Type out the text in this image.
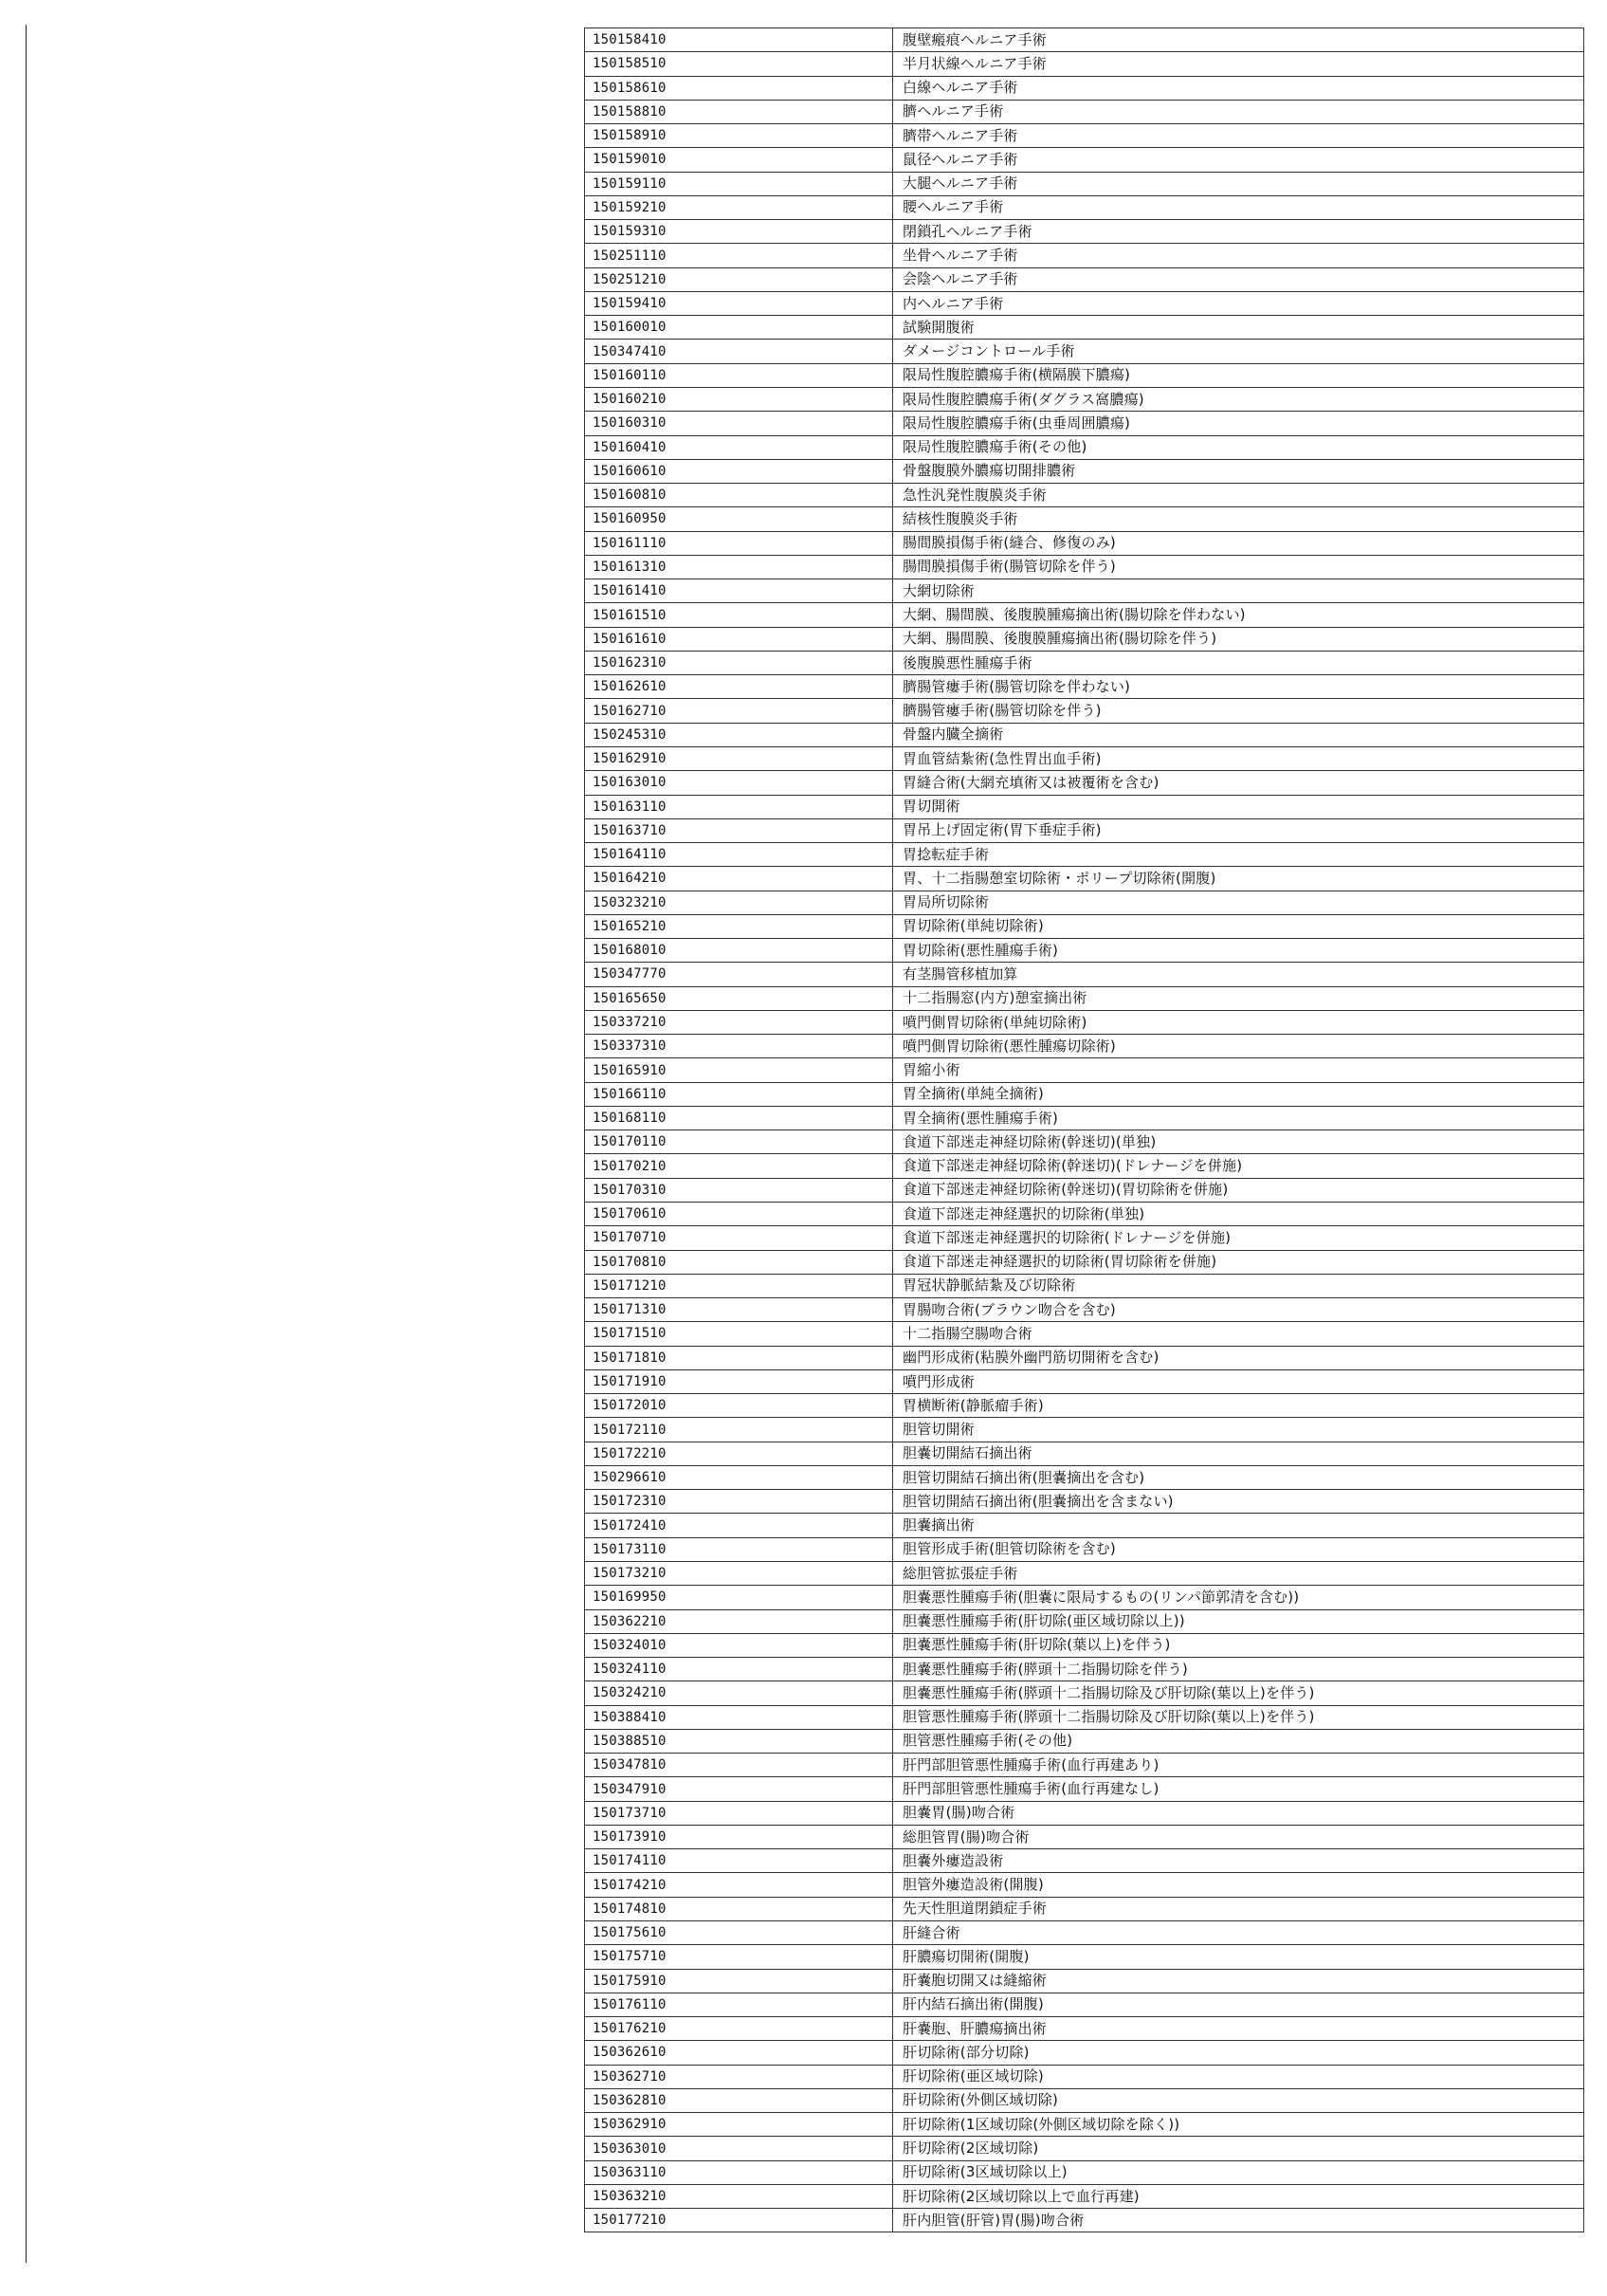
150158410	腹壁瘢痕ヘルニア手術
150158510	半月状線ヘルニア手術
150158610	白線ヘルニア手術
150158810	臍ヘルニア手術
150158910	臍帯ヘルニア手術
150159010	鼠径ヘルニア手術
150159110	大腿ヘルニア手術
150159210	腰ヘルニア手術
150159310	閉鎖孔ヘルニア手術
150251110	坐骨ヘルニア手術
150251210	会陰ヘルニア手術
150159410	内ヘルニア手術
150160010	試験開腹術
150347410	ダメージコントロール手術
150160110	限局性腹腔膿瘍手術(横隔膜下膿瘍)
150160210	限局性腹腔膿瘍手術(ダグラス窩膿瘍)
150160310	限局性腹腔膿瘍手術(虫垂周囲膿瘍)
150160410	限局性腹腔膿瘍手術(その他)
150160610	骨盤腹膜外膿瘍切開排膿術
150160810	急性汎発性腹膜炎手術
150160950	結核性腹膜炎手術
150161110	腸間膜損傷手術(縫合、修復のみ)
150161310	腸間膜損傷手術(腸管切除を伴う)
150161410	大網切除術
150161510	大網、腸間膜、後腹膜腫瘍摘出術(腸切除を伴わない)
150161610	大網、腸間膜、後腹膜腫瘍摘出術(腸切除を伴う)
150162310	後腹膜悪性腫瘍手術
150162610	臍腸管瘻手術(腸管切除を伴わない)
150162710	臍腸管瘻手術(腸管切除を伴う)
150245310	骨盤内臓全摘術
150162910	胃血管結紮術(急性胃出血手術)
150163010	胃縫合術(大網充填術又は被覆術を含む)
150163110	胃切開術
150163710	胃吊上げ固定術(胃下垂症手術)
150164110	胃捻転症手術
150164210	胃、十二指腸憩室切除術・ポリープ切除術(開腹)
150323210	胃局所切除術
150165210	胃切除術(単純切除術)
150168010	胃切除術(悪性腫瘍手術)
150347770	有茎腸管移植加算
150165650	十二指腸窓(内方)憩室摘出術
150337210	噴門側胃切除術(単純切除術)
150337310	噴門側胃切除術(悪性腫瘍切除術)
150165910	胃縮小術
150166110	胃全摘術(単純全摘術)
150168110	胃全摘術(悪性腫瘍手術)
150170110	食道下部迷走神経切除術(幹迷切)(単独)
150170210	食道下部迷走神経切除術(幹迷切)(ドレナージを併施)
150170310	食道下部迷走神経切除術(幹迷切)(胃切除術を併施)
150170610	食道下部迷走神経選択的切除術(単独)
150170710	食道下部迷走神経選択的切除術(ドレナージを併施)
150170810	食道下部迷走神経選択的切除術(胃切除術を併施)
150171210	胃冠状静脈結紮及び切除術
150171310	胃腸吻合術(ブラウン吻合を含む)
150171510	十二指腸空腸吻合術
150171810	幽門形成術(粘膜外幽門筋切開術を含む)
150171910	噴門形成術
150172010	胃横断術(静脈瘤手術)
150172110	胆管切開術
150172210	胆嚢切開結石摘出術
150296610	胆管切開結石摘出術(胆嚢摘出を含む)
150172310	胆管切開結石摘出術(胆嚢摘出を含まない)
150172410	胆嚢摘出術
150173110	胆管形成手術(胆管切除術を含む)
150173210	総胆管拡張症手術
150169950	胆嚢悪性腫瘍手術(胆嚢に限局するもの(リンパ節郭清を含む))
150362210	胆嚢悪性腫瘍手術(肝切除(亜区域切除以上))
150324010	胆嚢悪性腫瘍手術(肝切除(葉以上)を伴う)
150324110	胆嚢悪性腫瘍手術(膵頭十二指腸切除を伴う)
150324210	胆嚢悪性腫瘍手術(膵頭十二指腸切除及び肝切除(葉以上)を伴う)
150388410	胆管悪性腫瘍手術(膵頭十二指腸切除及び肝切除(葉以上)を伴う)
150388510	胆管悪性腫瘍手術(その他)
150347810	肝門部胆管悪性腫瘍手術(血行再建あり)
150347910	肝門部胆管悪性腫瘍手術(血行再建なし)
150173710	胆嚢胃(腸)吻合術
150173910	総胆管胃(腸)吻合術
150174110	胆嚢外瘻造設術
150174210	胆管外瘻造設術(開腹)
150174810	先天性胆道閉鎖症手術
150175610	肝縫合術
150175710	肝膿瘍切開術(開腹)
150175910	肝嚢胞切開又は縫縮術
150176110	肝内結石摘出術(開腹)
150176210	肝嚢胞、肝膿瘍摘出術
150362610	肝切除術(部分切除)
150362710	肝切除術(亜区域切除)
150362810	肝切除術(外側区域切除)
150362910	肝切除術(1区域切除(外側区域切除を除く))
150363010	肝切除術(2区域切除)
150363110	肝切除術(3区域切除以上)
150363210	肝切除術(2区域切除以上で血行再建)
150177210	肝内胆管(肝管)胃(腸)吻合術
